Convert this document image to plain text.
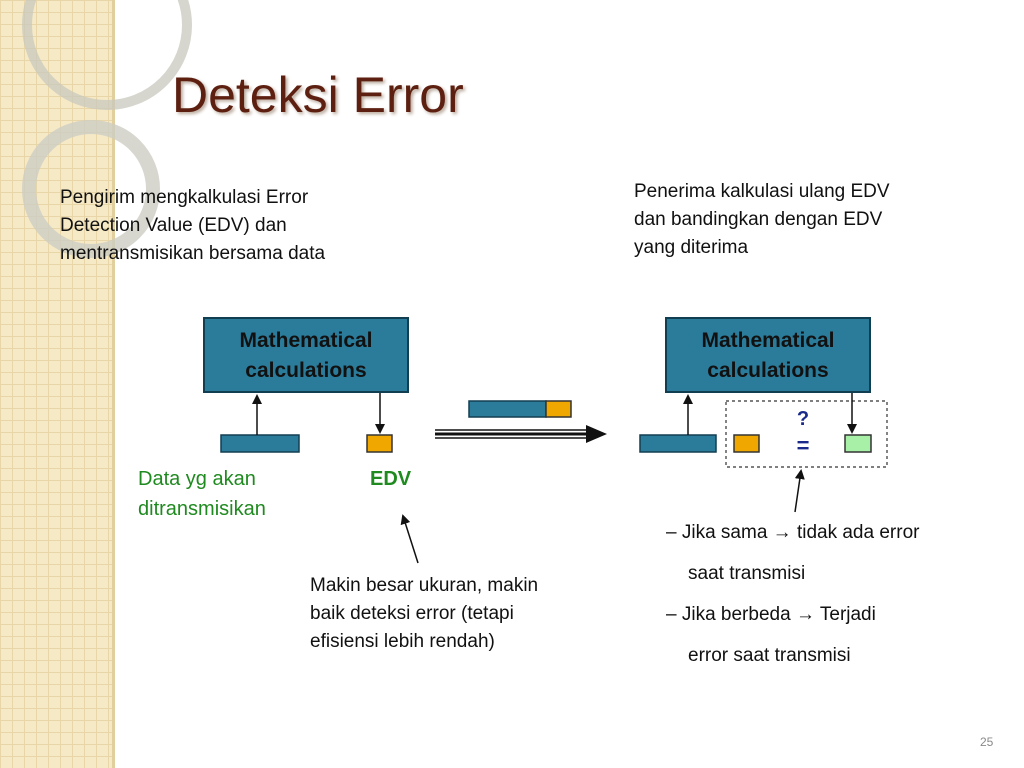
Deteksi Error
Pengirim mengkalkulasi Error
Detection Value (EDV) dan
mentransmisikan bersama data
Penerima kalkulasi ulang EDV
dan bandingkan dengan EDV
yang diterima
Mathematical
calculations
Mathematical
calculations
?
=
Data yg akan
ditransmisikan
EDV
Makin besar ukuran, makin
baik deteksi error (tetapi
efisiensi lebih rendah)
– Jika sama → tidak ada error
saat transmisi
– Jika berbeda → Terjadi
error saat transmisi
25
